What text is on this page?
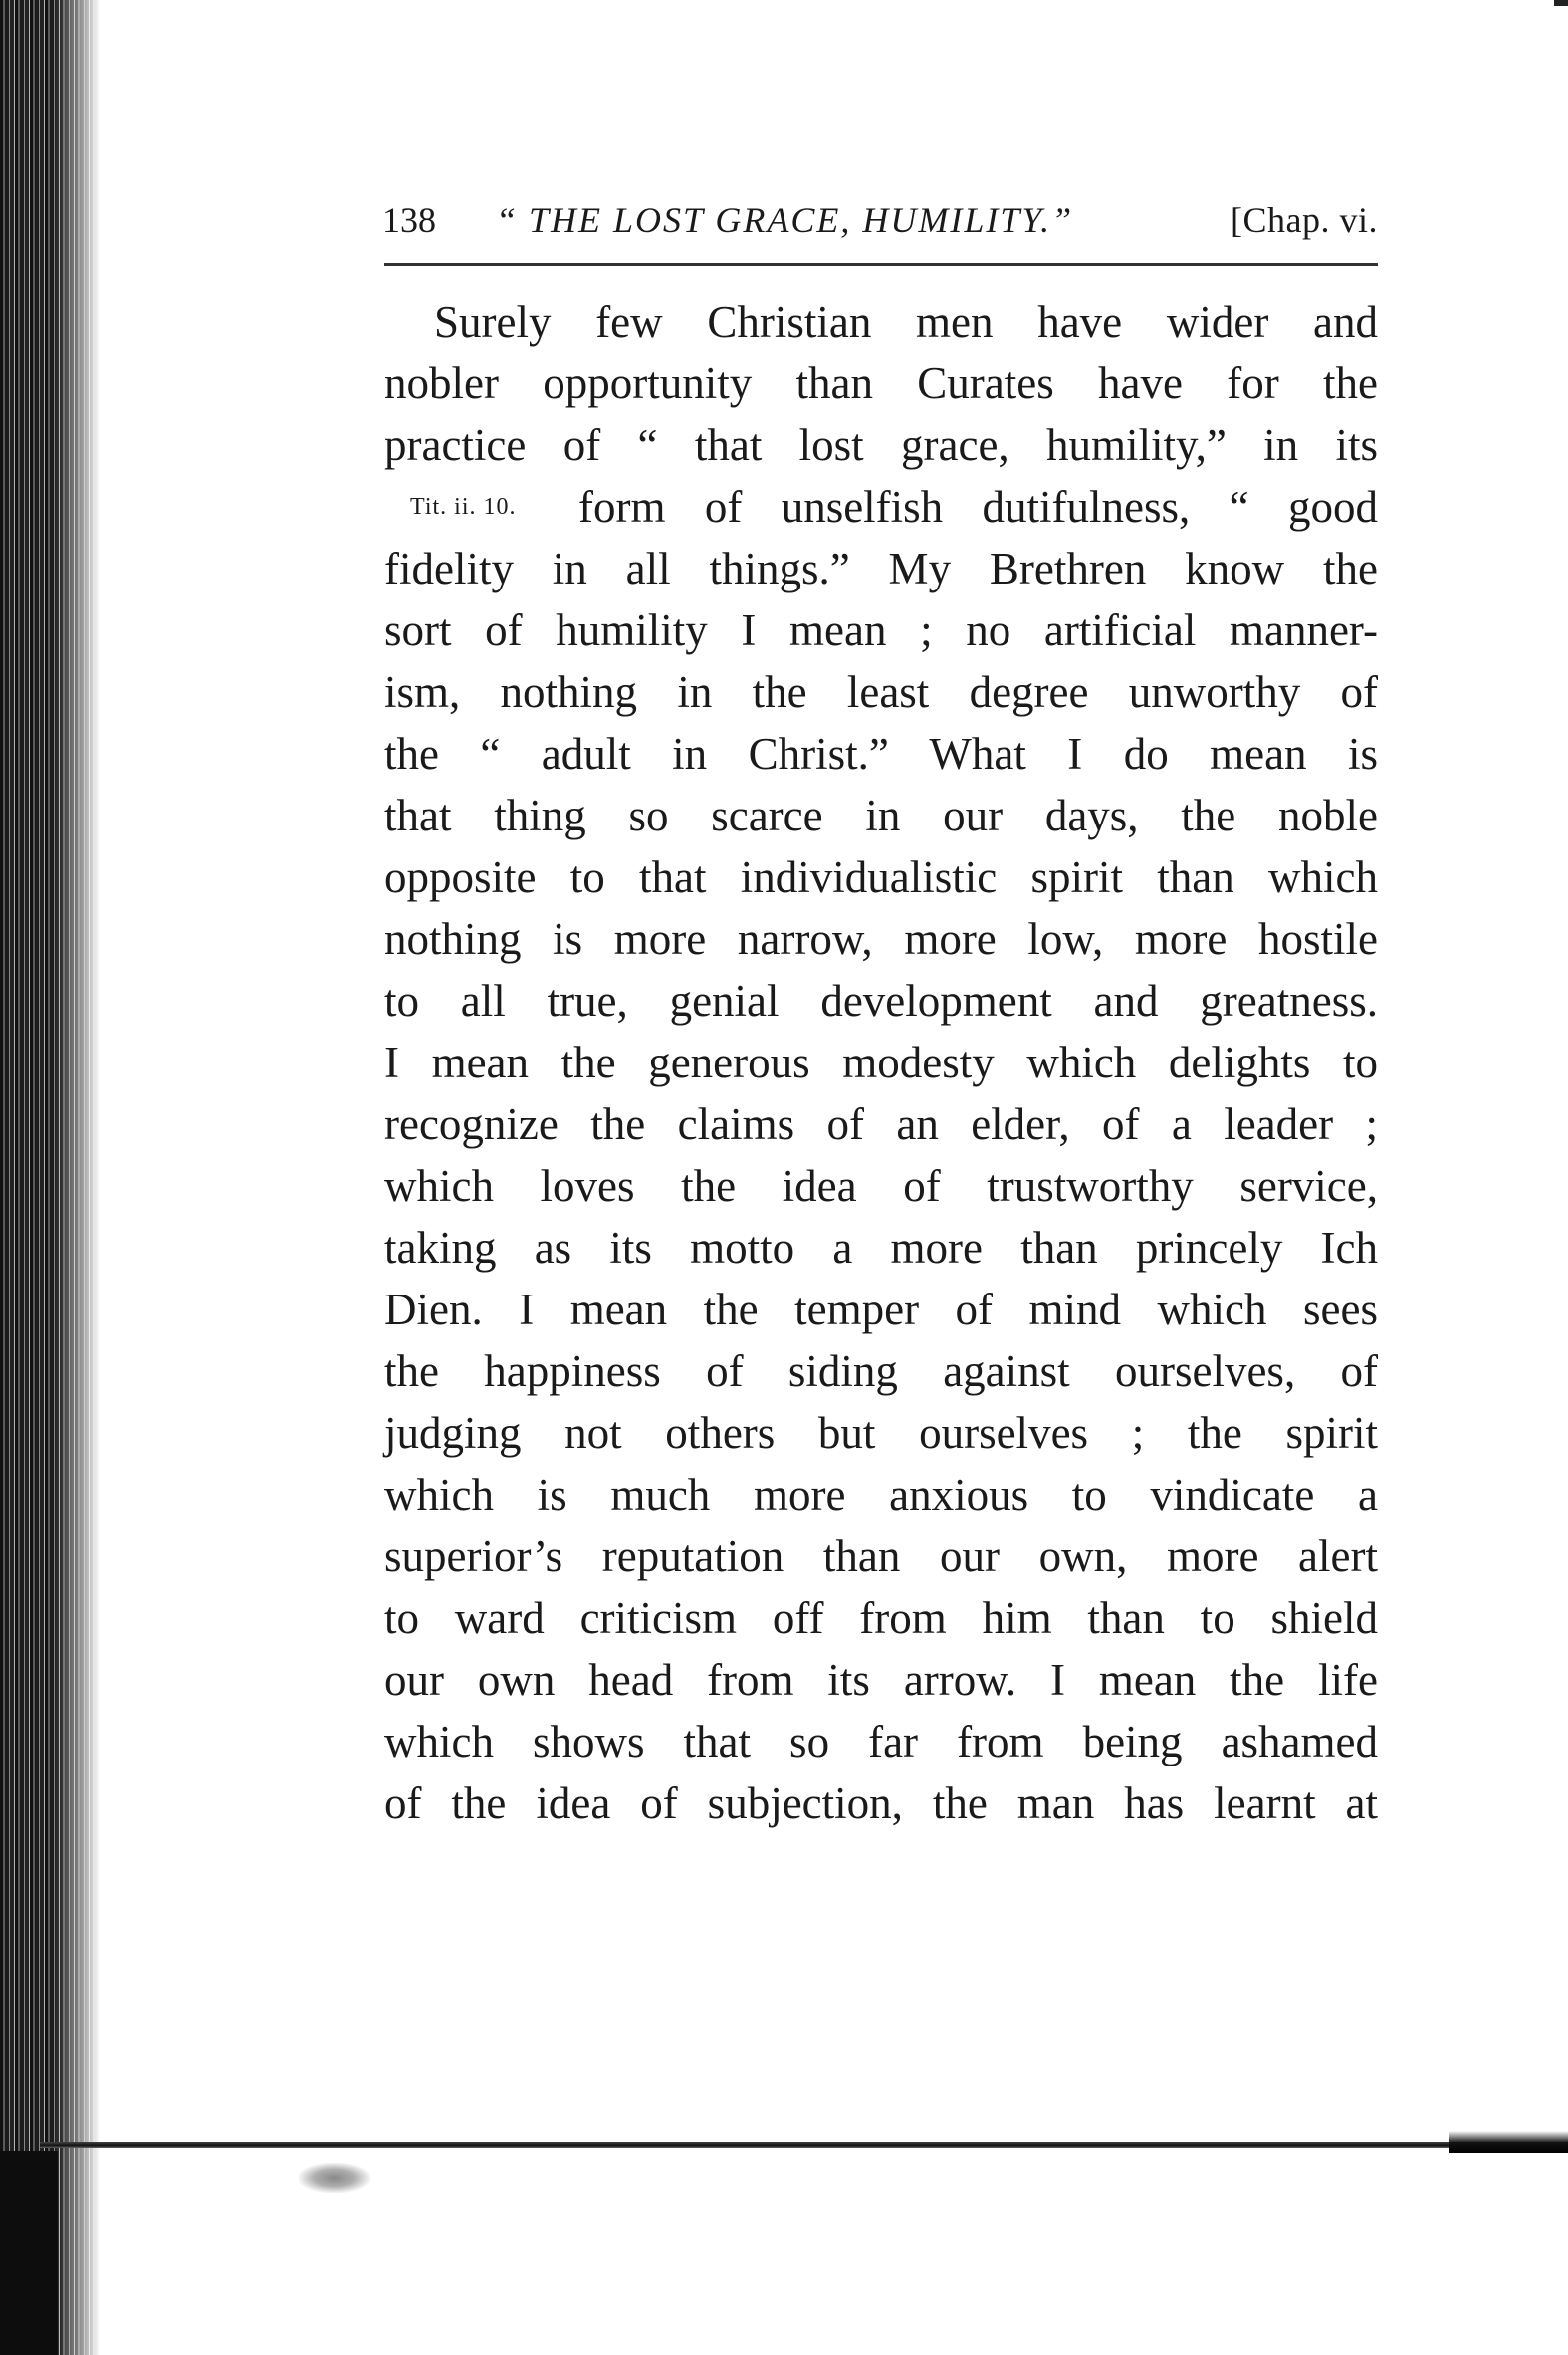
138 “ THE LOST GRACE, HUMILITY.”	[Chap. vi.
Surely few Christian men have wider and
nobler opportunity than Curates have for the
practice of “ that lost grace, humility,” in its
Tit. ii. 10. form of unselfish dutifulness, “ good
fidelity in all things.” My Brethren know the
sort of humility I mean ; no artificial manner-
ism, nothing in the least degree unworthy of
the “ adult in Christ.” What I do mean is
that thing so scarce in our days, the noble
opposite to that individualistic spirit than which
nothing is more narrow, more low, more hostile
to all true, genial development and greatness.
I mean the generous modesty which delights to
recognize the claims of an elder, of a leader ;
which loves the idea of trustworthy service,
taking as its motto a more than princely Ich
Dien. I mean the temper of mind which sees
the happiness of siding against ourselves, of
judging not others but ourselves ; the spirit
which is much more anxious to vindicate a
superior’s reputation than our own, more alert
to ward criticism off from him than to shield
our own head from its arrow. I mean the life
which shows that so far from being ashamed
of the idea of subjection, the man has learnt at
